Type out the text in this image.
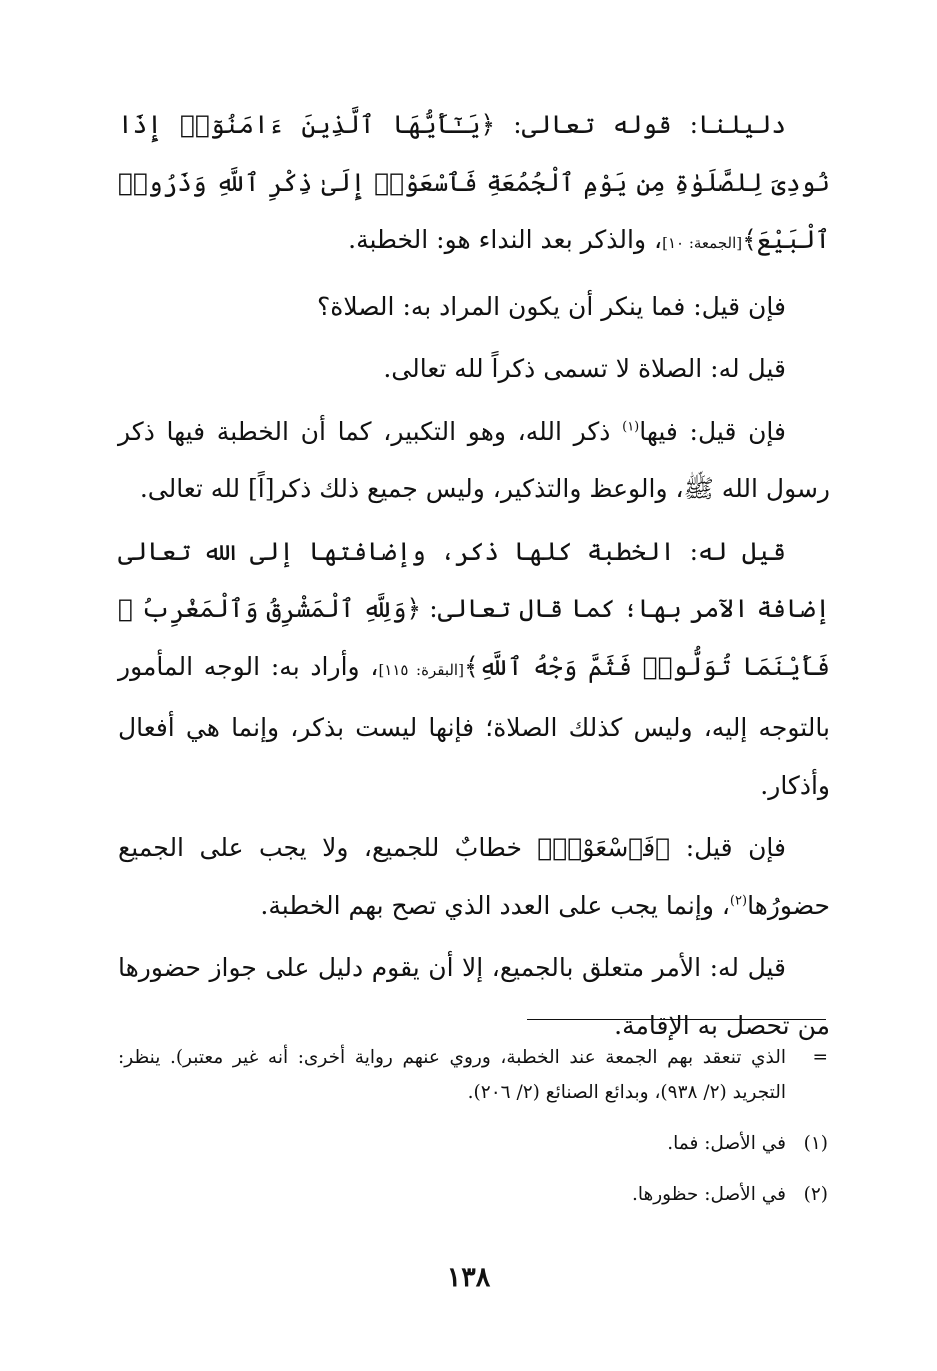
دليلنا: قوله تعالى: ﴿يَـٰٓأَيُّهَا ٱلَّذِينَ ءَامَنُوٓا۟ إِذَا نُودِىَ لِلصَّلَوٰةِ مِن يَوْمِ ٱلْجُمُعَةِ فَٱسْعَوْا۟ إِلَىٰ ذِكْرِ ٱللَّهِ وَذَرُوا۟ ٱلْبَيْعَ﴾[الجمعة: ١٠]، والذكر بعد النداء هو: الخطبة.

فإن قيل: فما ينكر أن يكون المراد به: الصلاة؟

قيل له: الصلاة لا تسمى ذكراً لله تعالى.

فإن قيل: فيها$^{(١)}$ ذكر الله، وهو التكبير، كما أن الخطبة فيها ذكر رسول الله ﷺ، والوعظ والتذكير، وليس جميع ذلك ذكر[اً] لله تعالى.

قيل له: الخطبة كلها ذكر، وإضافتها إلى الله تعالى إضافة الآمر بها؛ كما قال تعالى: ﴿وَلِلَّهِ ٱلْمَشْرِقُ وَٱلْمَغْرِبُ ۚ فَأَيْنَمَا تُوَلُّوا۟ فَثَمَّ وَجْهُ ٱللَّهِ﴾[البقرة: ١١٥]، وأراد به: الوجه المأمور بالتوجه إليه، وليس كذلك الصلاة؛ فإنها ليست بذكر، وإنما هي أفعال وأذكار.

فإن قيل: ﴿فَٱسْعَوْا۟﴾ خطابٌ للجميع، ولا يجب على الجميع حضورُها$^{(٢)}$، وإنما يجب على العدد الذي تصح بهم الخطبة.

قيل له: الأمر متعلق بالجميع، إلا أن يقوم دليل على جواز حضورها من تحصل به الإقامة.

=
الذي تنعقد بهم الجمعة عند الخطبة، وروي عنهم رواية أخرى: أنه غير معتبر). ينظر: التجريد (٢/ ٩٣٨)، وبدائع الصنائع (٢/ ٢٠٦).
(١)
في الأصل: فما.
(٢)
في الأصل: حظورها.
١٣٨
